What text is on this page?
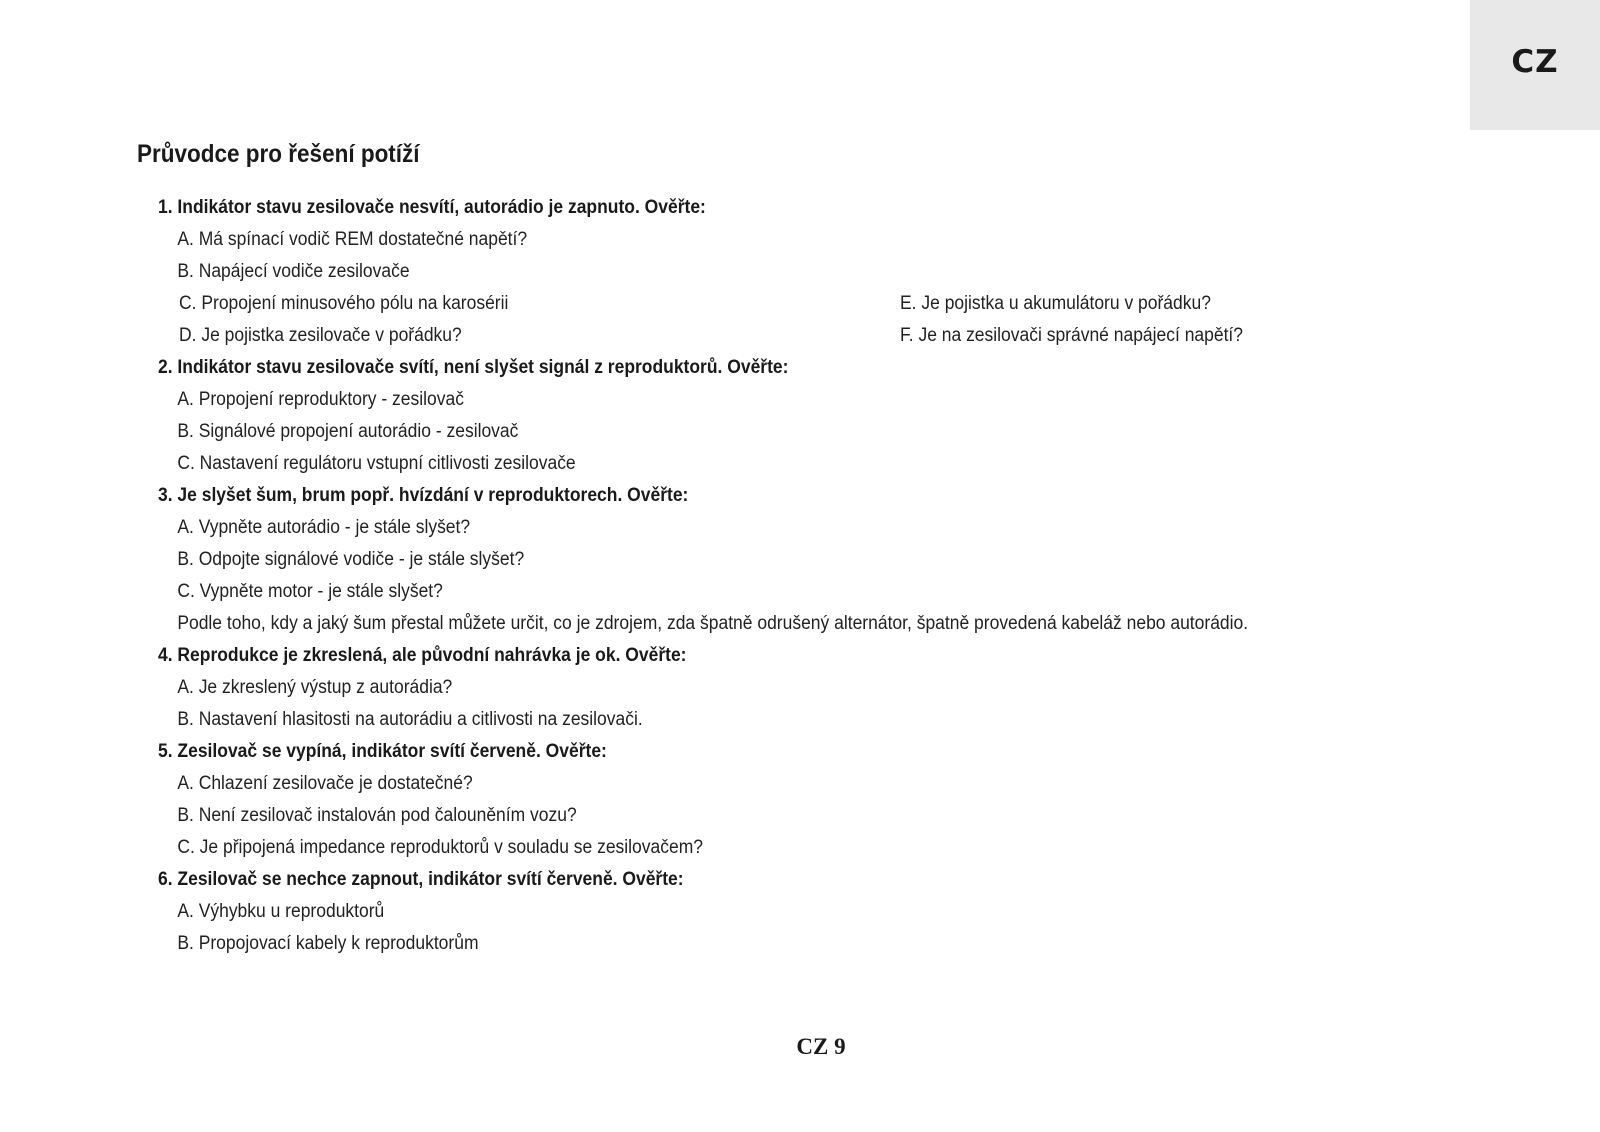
CZ
Průvodce pro řešení potíží
1. Indikátor stavu zesilovače nesvítí, autorádio je zapnuto. Ověřte:
A. Má spínací vodič REM dostatečné napětí?
B. Napájecí vodiče zesilovače
C. Propojení minusového pólu na karosérii	E. Je pojistka u akumulátoru v pořádku?
D. Je pojistka zesilovače v pořádku?	F. Je na zesilovači správné napájecí napětí?
2. Indikátor stavu zesilovače svítí, není slyšet signál z reproduktorů. Ověřte:
A. Propojení reproduktory - zesilovač
B. Signálové propojení autorádio - zesilovač
C. Nastavení regulátoru vstupní citlivosti zesilovače
3. Je slyšet šum, brum popř. hvízdání v reproduktorech. Ověřte:
A. Vypněte autorádio - je stále slyšet?
B. Odpojte signálové vodiče - je stále slyšet?
C. Vypněte motor - je stále slyšet?
Podle toho, kdy a jaký šum přestal můžete určit, co je zdrojem, zda špatně odrušený alternátor, špatně provedená kabeláž nebo autorádio.
4. Reprodukce je zkreslená, ale původní nahrávka je ok. Ověřte:
A. Je zkreslený výstup z autorádia?
B. Nastavení hlasitosti na autorádiu a citlivosti na zesilovači.
5. Zesilovač se vypíná, indikátor svítí červeně. Ověřte:
A. Chlazení zesilovače je dostatečné?
B. Není zesilovač instalován pod čalouněním vozu?
C. Je připojená impedance reproduktorů v souladu se zesilovačem?
6. Zesilovač se nechce zapnout, indikátor svítí červeně. Ověřte:
A. Výhybku u reproduktorů
B. Propojovací kabely k reproduktorům
CZ 9
